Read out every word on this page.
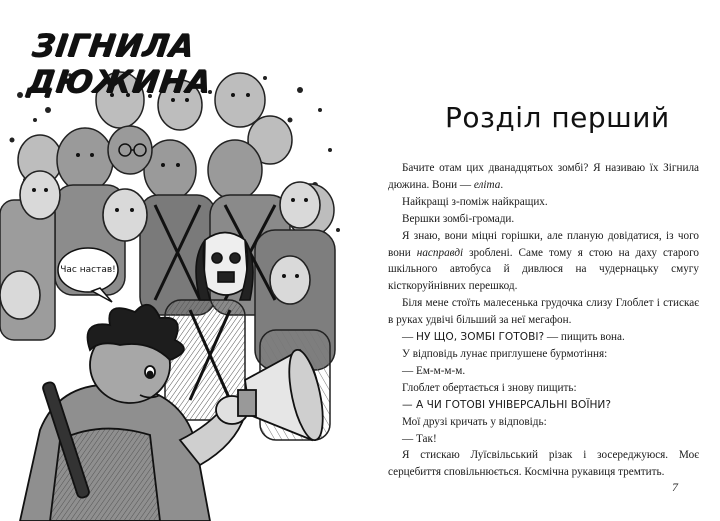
ЗІГНИЛА ДЮЖИНА
Час настав!
Розділ перший

Бачите отам цих дванадцятьох зомбі? Я називаю їх Зігнила дюжина. Вони — еліта.

Найкращі з-поміж найкращих.

Вершки зомбі-громади.

Я знаю, вони міцні горішки, але планую довідатися, із чого вони насправді зроблені. Саме тому я стою на даху старого шкільного автобуса й дивлюся на чудернацьку смугу кісткоруйнівних перешкод.

Біля мене стоїть малесенька грудочка слизу Глоблет і стискає в руках удвічі більший за неї мегафон.

— НУ ЩО, ЗОМБІ ГОТОВІ? — пищить вона.

У відповідь лунає приглушене бурмотіння:

— Ем-м-м-м.

Глоблет обертається і знову пищить:

— А ЧИ ГОТОВІ УНІВЕРСАЛЬНІ ВОЇНИ?

Мої друзі кричать у відповідь:

— Так!

Я стискаю Луїсвільський різак і зосереджуюся. Моє серцебиття сповільнюється. Космічна рукавиця тремтить.

7
